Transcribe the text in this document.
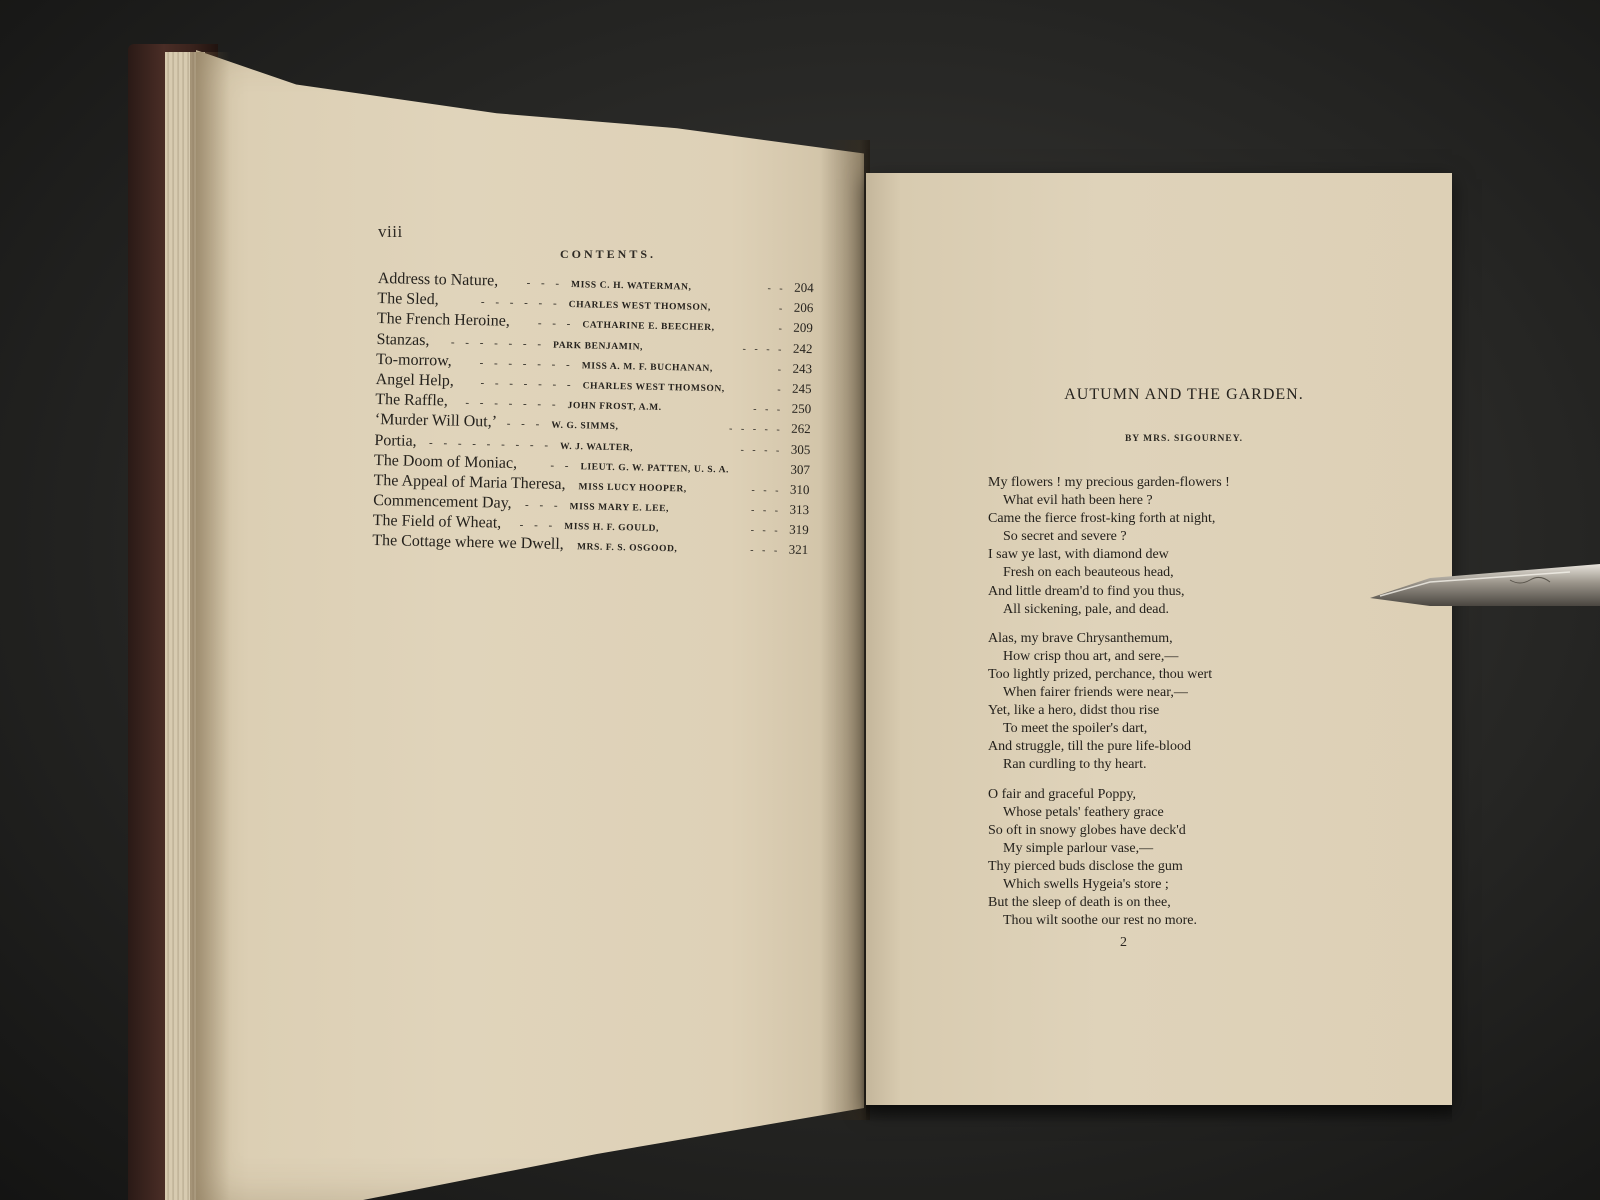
viii
CONTENTS.
Address to Nature,	- - - MISS C. H. WATERMAN,	- - 204
The Sled,	- - - - - - CHARLES WEST THOMSON,	- 206
The French Heroine,	- - - CATHARINE E. BEECHER,	- 209
Stanzas,	- - - - - - - PARK BENJAMIN,	- - - - 242
To-morrow,	- - - - - - - MISS A. M. F. BUCHANAN,	- 243
Angel Help,	- - - - - - - CHARLES WEST THOMSON,	- 245
The Raffle,	- - - - - - - JOHN FROST, A.M.	- - - 250
‘Murder Will Out,’ - - - W. G. SIMMS,	- - - - - 262
Portia,	- - - - - - - - - W. J. WALTER,	- - - - 305
The Doom of Moniac,	- - LIEUT. G. W. PATTEN, U. S. A.	307
The Appeal of Maria Theresa, MISS LUCY HOOPER,	- - - 310
Commencement Day,	- - - MISS MARY E. LEE,	- - - 313
The Field of Wheat,	- - - MISS H. F. GOULD,	- - - 319
The Cottage where we Dwell, MRS. F. S. OSGOOD,	- - - 321
AUTUMN AND THE GARDEN.
BY MRS. SIGOURNEY.
My flowers ! my precious garden-flowers !
What evil hath been here ?
Came the fierce frost-king forth at night,
So secret and severe ?
I saw ye last, with diamond dew
Fresh on each beauteous head,
And little dream'd to find you thus,
All sickening, pale, and dead.
Alas, my brave Chrysanthemum,
How crisp thou art, and sere,—
Too lightly prized, perchance, thou wert
When fairer friends were near,—
Yet, like a hero, didst thou rise
To meet the spoiler's dart,
And struggle, till the pure life-blood
Ran curdling to thy heart.
O fair and graceful Poppy,
Whose petals' feathery grace
So oft in snowy globes have deck'd
My simple parlour vase,—
Thy pierced buds disclose the gum
Which swells Hygeia's store ;
But the sleep of death is on thee,
Thou wilt soothe our rest no more.
2
